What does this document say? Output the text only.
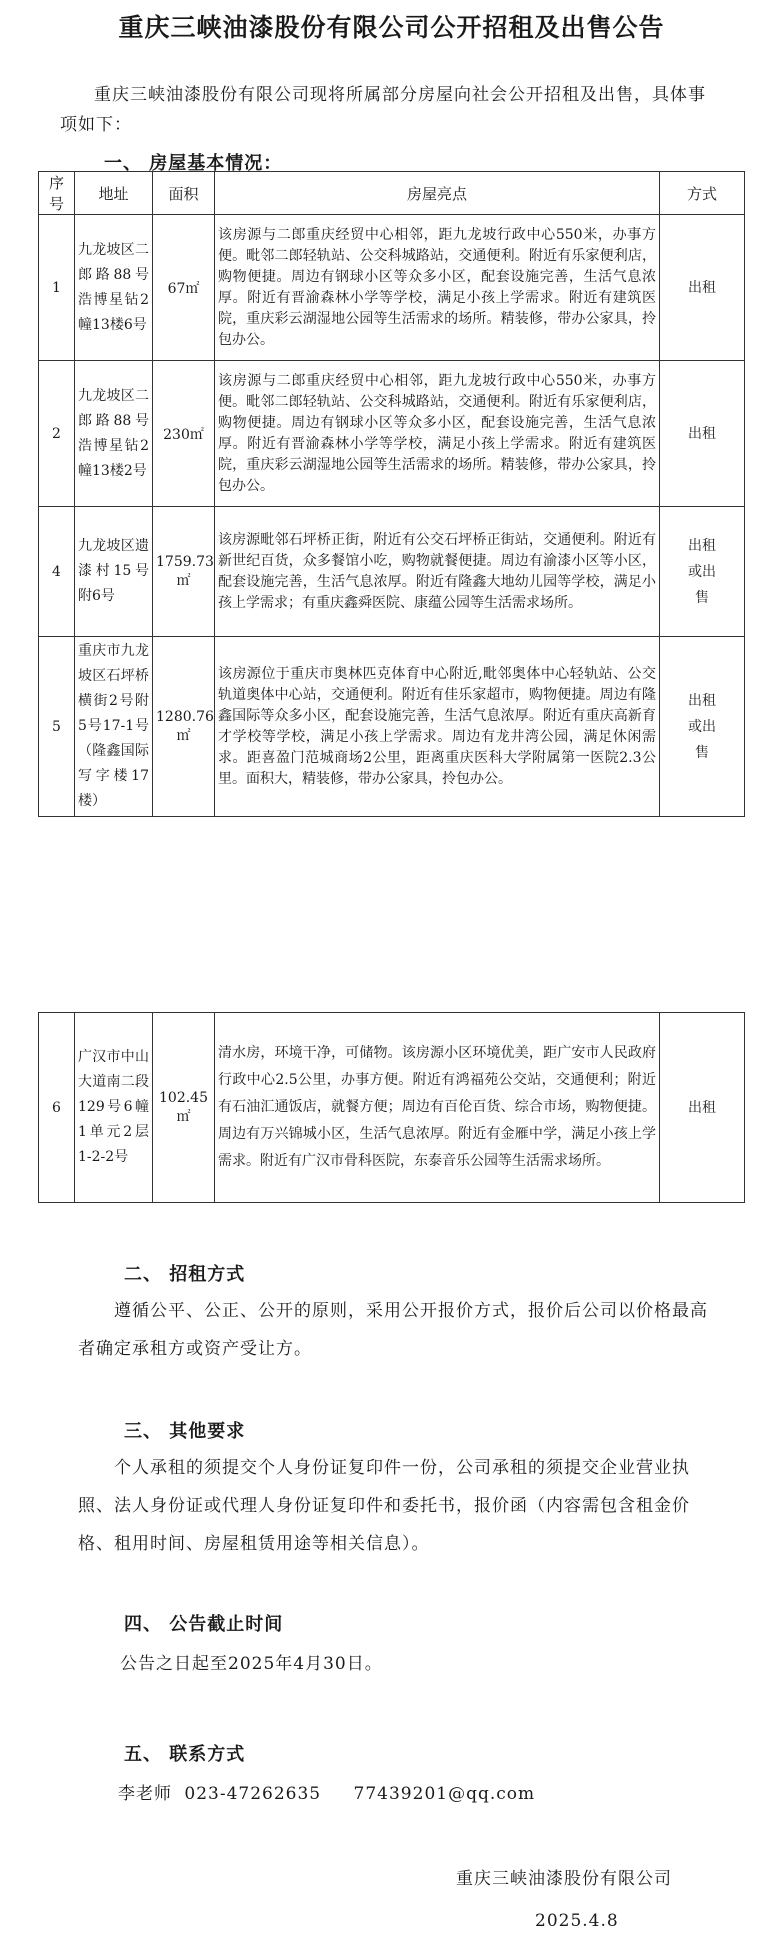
重庆三峡油漆股份有限公司公开招租及出售公告
重庆三峡油漆股份有限公司现将所属部分房屋向社会公开招租及出售，具体事项如下：
一、 房屋基本情况：
序号	地址	面积	房屋亮点	方式
1	九龙坡区二郎路88号浩博星钻2幢13楼6号	67㎡	该房源与二郎重庆经贸中心相邻，距九龙坡行政中心550米，办事方便。毗邻二郎轻轨站、公交科城路站，交通便利。附近有乐家便利店，购物便捷。周边有钢球小区等众多小区，配套设施完善，生活气息浓厚。附近有晋渝森林小学等学校，满足小孩上学需求。附近有建筑医院，重庆彩云湖湿地公园等生活需求的场所。精装修，带办公家具，拎包办公。	出租
2	九龙坡区二郎路88号浩博星钻2幢13楼2号	230㎡	该房源与二郎重庆经贸中心相邻，距九龙坡行政中心550米，办事方便。毗邻二郎轻轨站、公交科城路站，交通便利。附近有乐家便利店，购物便捷。周边有钢球小区等众多小区，配套设施完善，生活气息浓厚。附近有晋渝森林小学等学校，满足小孩上学需求。附近有建筑医院，重庆彩云湖湿地公园等生活需求的场所。精装修，带办公家具，拎包办公。	出租
4	九龙坡区遗漆村15号附6号	1759.73㎡	该房源毗邻石坪桥正街，附近有公交石坪桥正街站，交通便利。附近有新世纪百货，众多餐馆小吃，购物就餐便捷。周边有渝漆小区等小区，配套设施完善，生活气息浓厚。附近有隆鑫大地幼儿园等学校，满足小孩上学需求；有重庆鑫舜医院、康蕴公园等生活需求场所。	出租或出售
5	重庆市九龙坡区石坪桥横街2号附5号17-1号（隆鑫国际写字楼17楼）	1280.76㎡	该房源位于重庆市奥林匹克体育中心附近,毗邻奥体中心轻轨站、公交轨道奥体中心站，交通便利。附近有佳乐家超市，购物便捷。周边有隆鑫国际等众多小区，配套设施完善，生活气息浓厚。附近有重庆高新育才学校等学校，满足小孩上学需求。周边有龙井湾公园，满足休闲需求。距喜盈门范城商场2公里，距离重庆医科大学附属第一医院2.3公里。面积大，精装修，带办公家具，拎包办公。	出租或出售
6	广汉市中山大道南二段129号6幢1单元2层1-2-2号	102.45㎡	清水房，环境干净，可储物。该房源小区环境优美，距广安市人民政府行政中心2.5公里，办事方便。附近有鸿福苑公交站，交通便利；附近有石油汇通饭店，就餐方便；周边有百伦百货、综合市场，购物便捷。周边有万兴锦城小区，生活气息浓厚。附近有金雁中学，满足小孩上学需求。附近有广汉市骨科医院，东泰音乐公园等生活需求场所。	出租
二、 招租方式
遵循公平、公正、公开的原则，采用公开报价方式，报价后公司以价格最高者确定承租方或资产受让方。
三、 其他要求
个人承租的须提交个人身份证复印件一份，公司承租的须提交企业营业执照、法人身份证或代理人身份证复印件和委托书，报价函（内容需包含租金价格、租用时间、房屋租赁用途等相关信息）。
四、 公告截止时间
公告之日起至2025年4月30日。
五、 联系方式
李老师 023-47262635 77439201@qq.com
重庆三峡油漆股份有限公司
2025.4.8
